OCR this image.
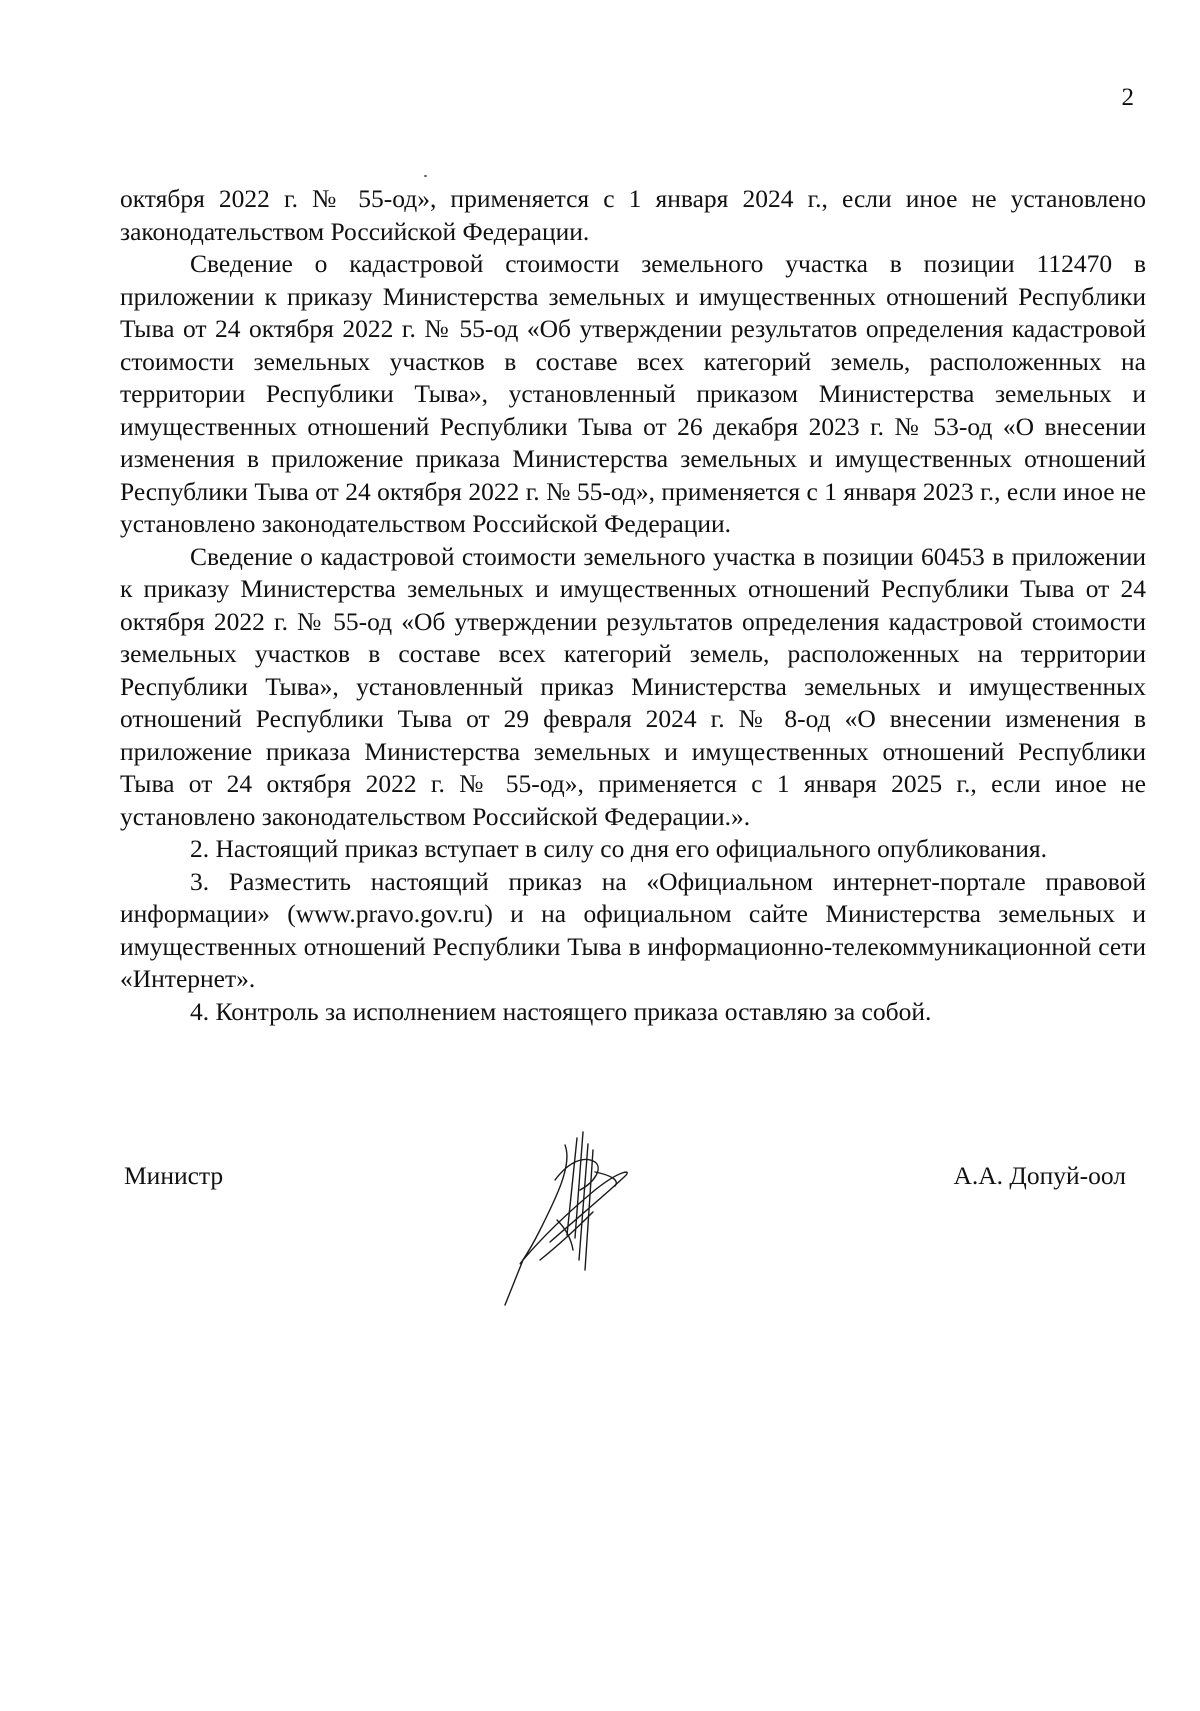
2

октября 2022 г. № 55-од», применяется с 1 января 2024 г., если иное не установлено законодательством Российской Федерации.

Сведение о кадастровой стоимости земельного участка в позиции 112470 в приложении к приказу Министерства земельных и имущественных отношений Республики Тыва от 24 октября 2022 г. № 55-од «Об утверждении результатов определения кадастровой стоимости земельных участков в составе всех категорий земель, расположенных на территории Республики Тыва», установленный приказом Министерства земельных и имущественных отношений Республики Тыва от 26 декабря 2023 г. № 53-од «О внесении изменения в приложение приказа Министерства земельных и имущественных отношений Республики Тыва от 24 октября 2022 г. № 55-од», применяется с 1 января 2023 г., если иное не установлено законодательством Российской Федерации.

Сведение о кадастровой стоимости земельного участка в позиции 60453 в приложении к приказу Министерства земельных и имущественных отношений Республики Тыва от 24 октября 2022 г. № 55-од «Об утверждении результатов определения кадастровой стоимости земельных участков в составе всех категорий земель, расположенных на территории Республики Тыва», установленный приказ Министерства земельных и имущественных отношений Республики Тыва от 29 февраля 2024 г. № 8-од «О внесении изменения в приложение приказа Министерства земельных и имущественных отношений Республики Тыва от 24 октября 2022 г. № 55-од», применяется с 1 января 2025 г., если иное не установлено законодательством Российской Федерации.».

2. Настоящий приказ вступает в силу со дня его официального опубликования.

3. Разместить настоящий приказ на «Официальном интернет-портале правовой информации» (www.pravo.gov.ru) и на официальном сайте Министерства земельных и имущественных отношений Республики Тыва в информационно-телекоммуникационной сети «Интернет».

4. Контроль за исполнением настоящего приказа оставляю за собой.

Министр	А.А. Допуй-оол
